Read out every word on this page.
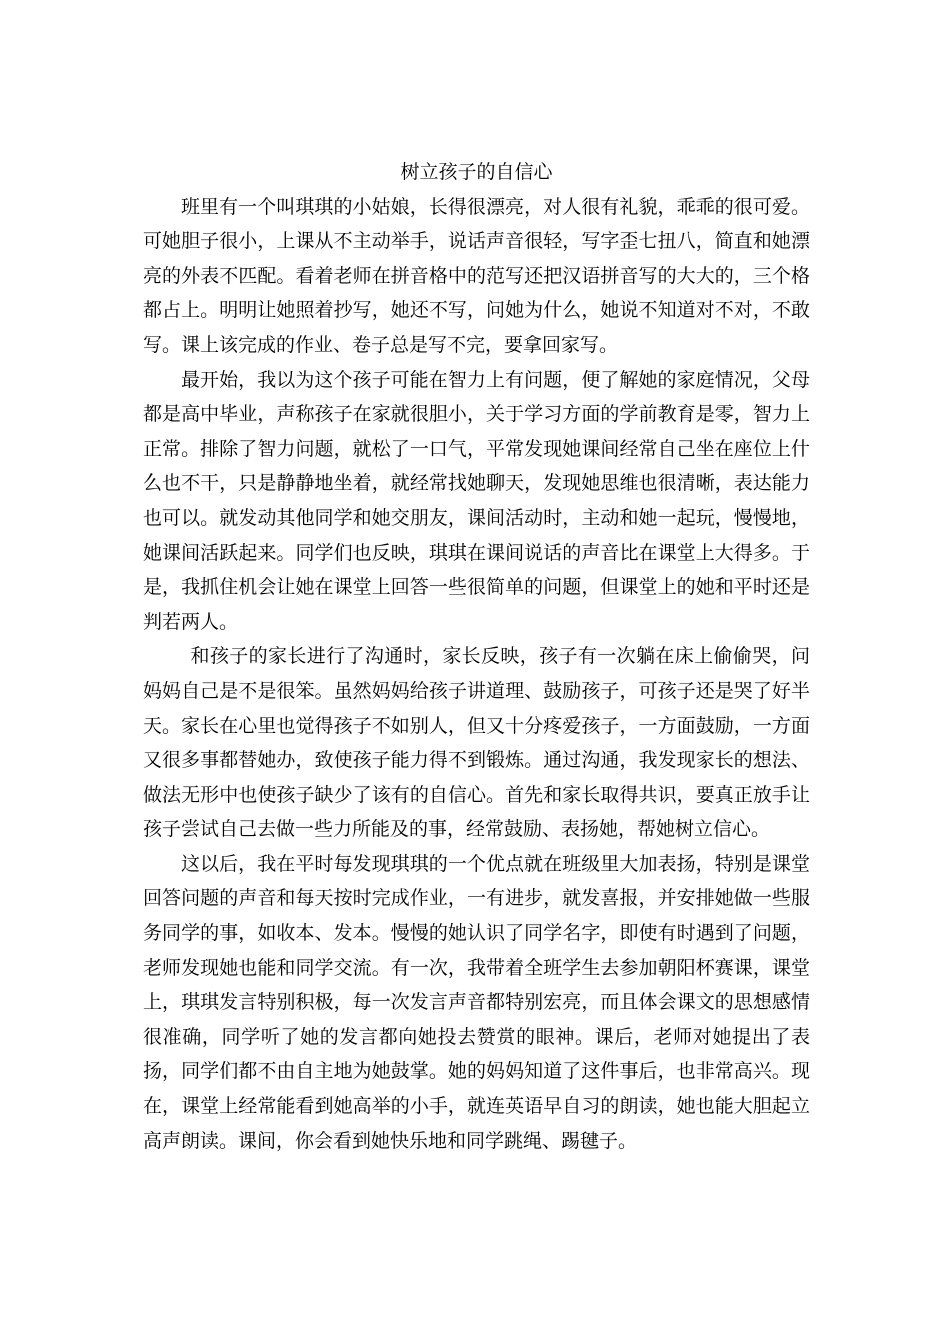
树立孩子的自信心

班里有一个叫琪琪的小姑娘，长得很漂亮，对人很有礼貌，乖乖的很可爱。可她胆子很小，上课从不主动举手，说话声音很轻，写字歪七扭八，简直和她漂亮的外表不匹配。看着老师在拼音格中的范写还把汉语拼音写的大大的，三个格都占上。明明让她照着抄写，她还不写，问她为什么，她说不知道对不对，不敢写。课上该完成的作业、卷子总是写不完，要拿回家写。

最开始，我以为这个孩子可能在智力上有问题，便了解她的家庭情况，父母都是高中毕业，声称孩子在家就很胆小，关于学习方面的学前教育是零，智力上正常。排除了智力问题，就松了一口气，平常发现她课间经常自己坐在座位上什么也不干，只是静静地坐着，就经常找她聊天，发现她思维也很清晰，表达能力也可以。就发动其他同学和她交朋友，课间活动时，主动和她一起玩，慢慢地，她课间活跃起来。同学们也反映，琪琪在课间说话的声音比在课堂上大得多。于是，我抓住机会让她在课堂上回答一些很简单的问题，但课堂上的她和平时还是判若两人。

和孩子的家长进行了沟通时，家长反映，孩子有一次躺在床上偷偷哭，问妈妈自己是不是很笨。虽然妈妈给孩子讲道理、鼓励孩子，可孩子还是哭了好半天。家长在心里也觉得孩子不如别人，但又十分疼爱孩子，一方面鼓励，一方面又很多事都替她办，致使孩子能力得不到锻炼。通过沟通，我发现家长的想法、做法无形中也使孩子缺少了该有的自信心。首先和家长取得共识，要真正放手让孩子尝试自己去做一些力所能及的事，经常鼓励、表扬她，帮她树立信心。

这以后，我在平时每发现琪琪的一个优点就在班级里大加表扬，特别是课堂回答问题的声音和每天按时完成作业，一有进步，就发喜报，并安排她做一些服务同学的事，如收本、发本。慢慢的她认识了同学名字，即使有时遇到了问题，老师发现她也能和同学交流。有一次，我带着全班学生去参加朝阳杯赛课，课堂上，琪琪发言特别积极，每一次发言声音都特别宏亮，而且体会课文的思想感情很准确，同学听了她的发言都向她投去赞赏的眼神。课后，老师对她提出了表扬，同学们都不由自主地为她鼓掌。她的妈妈知道了这件事后，也非常高兴。现在，课堂上经常能看到她高举的小手，就连英语早自习的朗读，她也能大胆起立高声朗读。课间，你会看到她快乐地和同学跳绳、踢毽子。
